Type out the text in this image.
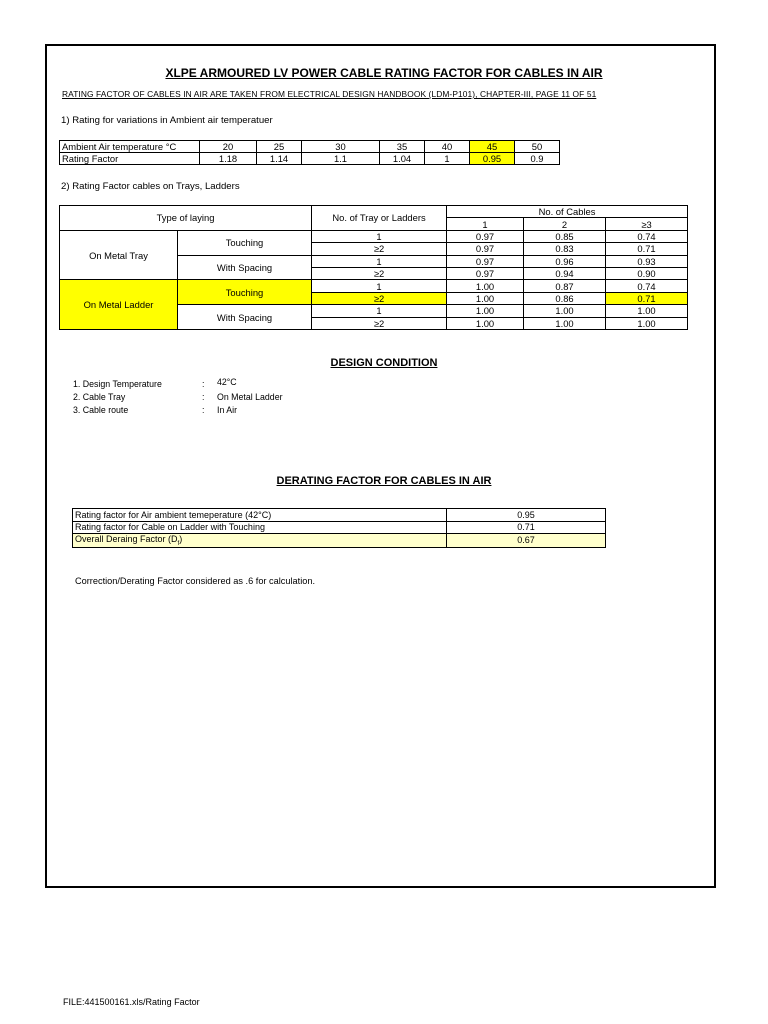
XLPE ARMOURED LV POWER CABLE RATING FACTOR FOR CABLES IN AIR
RATING FACTOR OF CABLES IN AIR ARE TAKEN FROM ELECTRICAL DESIGN HANDBOOK (LDM-P101), CHAPTER-III, PAGE 11 OF 51
1) Rating for variations in Ambient air temperatuer
Ambient Air temperature °C	20	25	30	35	40	45	50
Rating Factor	1.18	1.14	1.1	1.04	1	0.95	0.9
2) Rating Factor cables on Trays, Ladders
Type of laying		No. of Tray or Ladders	No. of Cables		
			1	2	≥3
On Metal Tray	Touching	1	0.97	0.85	0.74
		≥2	0.97	0.83	0.71
	With Spacing	1	0.97	0.96	0.93
		≥2	0.97	0.94	0.90
On Metal Ladder	Touching	1	1.00	0.87	0.74
		≥2	1.00	0.86	0.71
	With Spacing	1	1.00	1.00	1.00
		≥2	1.00	1.00	1.00
DESIGN CONDITION
1. Design Temperature	: 42°C
2. Cable Tray	: On Metal Ladder
3. Cable route	: In Air
DERATING FACTOR FOR CABLES IN AIR
Rating factor for Air ambient temeperature (42°C)	0.95
Rating factor for Cable on Ladder with Touching	0.71
Overall Deraing Factor $(D_f)$	0.67
Correction/Derating Factor considered as .6 for calculation.
FILE:441500161.xls/Rating Factor
